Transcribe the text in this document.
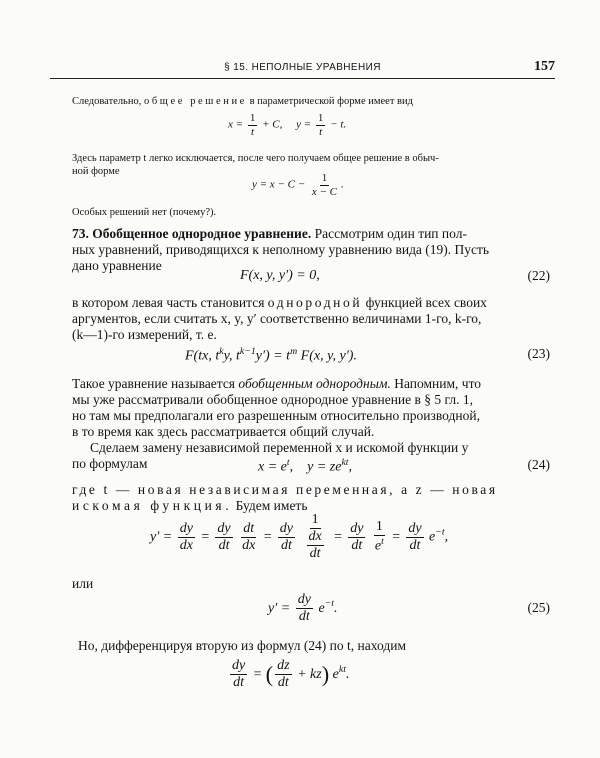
§ 15. НЕПОЛНЫЕ УРАВНЕНИЯ	157

Следовательно, общее решение в параметрической форме имеет вид

$x = \frac{1}{t} + C$,     $y = \frac{1}{t} - t$.

Здесь параметр t легко исключается, после чего получаем общее решение в обыч-

ной форме

$y = x - C - \frac{1}{x - C}$ .

Особых решений нет (почему?).

73. Обобщенное однородное уравнение. Рассмотрим один тип пол-

ных уравнений, приводящихся к неполному уравнению вида (19). Пусть

дано уравнение

F(x, y, y′) = 0,	(22)

в котором левая часть становится однородной функцией всех своих

аргументов, если считать x, y, y′ соответственно величинами 1-го, k-го,

(k—1)-го измерений, т. е.

F(tx, $t^ky$, $t^{k-1}y') = t^m$ F(x, y, y′).	(23)

Такое уравнение называется обобщенным однородным. Напомним, что

мы уже рассматривали обобщенное однородное уравнение в § 5 гл. 1,

но там мы предполагали его разрешенным относительно производной,

в то время как здесь рассматривается общий случай.

Сделаем замену независимой переменной x и искомой функции y

по формулам	$x = e^t$,    $y = ze^{kt}$,	(24)

где t — новая независимая переменная, а z — новая

искомая функция. Будем иметь

$y' = \frac{dy}{dx} = \frac{dy}{dt}$
$\frac{dt}{dx} = \frac{dy}{dt}$

1
$\frac{dx}{dt} = \frac{dy}{dt}$
$\frac{1}{e^t} = \frac{dy}{dt} e^{-t}$,

или

$y' = \frac{dy}{dt} e^{-t}$.	(25)

Но, дифференцируя вторую из формул (24) по t, находим

$\frac{dy}{dt}$ = ( $\frac{dz}{dt} + kz$) $e^{kt}$.
